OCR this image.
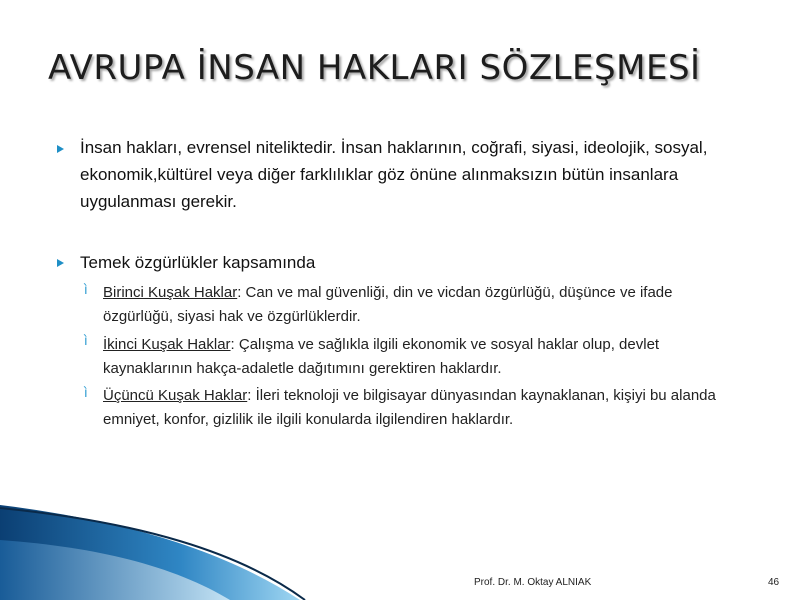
AVRUPA İNSAN HAKLARI SÖZLEŞMESİ
İnsan hakları, evrensel niteliktedir. İnsan haklarının, coğrafi, siyasi, ideolojik, sosyal, ekonomik,kültürel veya diğer farklılıklar göz önüne alınmaksızın bütün insanlara uygulanması gerekir.
Temek özgürlükler kapsamında
ì Birinci Kuşak Haklar: Can ve mal güvenliği, din ve vicdan özgürlüğü, düşünce ve ifade özgürlüğü, siyasi hak ve özgürlüklerdir.
ì İkinci Kuşak Haklar: Çalışma ve sağlıkla ilgili ekonomik ve sosyal haklar olup, devlet kaynaklarının hakça-adaletle dağıtımını gerektiren haklardır.
ì Üçüncü Kuşak Haklar: İleri teknoloji ve bilgisayar dünyasından kaynaklanan, kişiyi bu alanda emniyet, konfor, gizlilik ile ilgili konularda ilgilendiren haklardır.
Prof. Dr. M. Oktay ALNIAK	46
